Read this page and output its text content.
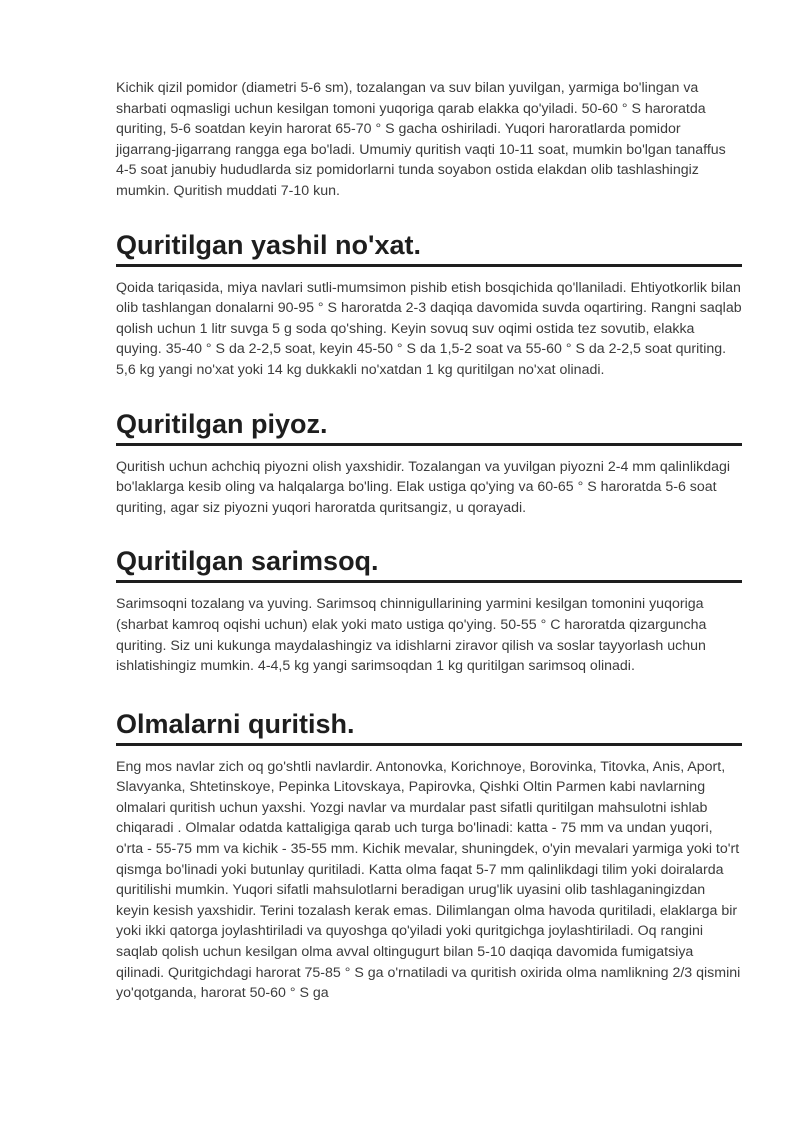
Kichik qizil pomidor (diametri 5-6 sm), tozalangan va suv bilan yuvilgan, yarmiga bo'lingan va sharbati oqmasligi uchun kesilgan tomoni yuqoriga qarab elakka qo'yiladi. 50-60 ° S haroratda quriting, 5-6 soatdan keyin harorat 65-70 ° S gacha oshiriladi. Yuqori haroratlarda pomidor jigarrang-jigarrang rangga ega bo'ladi. Umumiy quritish vaqti 10-11 soat, mumkin bo'lgan tanaffus 4-5 soat janubiy hududlarda siz pomidorlarni tunda soyabon ostida elakdan olib tashlashingiz mumkin. Quritish muddati 7-10 kun.

Quritilgan yashil no'xat.

Qoida tariqasida, miya navlari sutli-mumsimon pishib etish bosqichida qo'llaniladi. Ehtiyotkorlik bilan olib tashlangan donalarni 90-95 ° S haroratda 2-3 daqiqa davomida suvda oqartiring. Rangni saqlab qolish uchun 1 litr suvga 5 g soda qo'shing. Keyin sovuq suv oqimi ostida tez sovutib, elakka quying. 35-40 ° S da 2-2,5 soat, keyin 45-50 ° S da 1,5-2 soat va 55-60 ° S da 2-2,5 soat quriting. 5,6 kg yangi no'xat yoki 14 kg dukkakli no'xatdan 1 kg quritilgan no'xat olinadi.

Quritilgan piyoz.

Quritish uchun achchiq piyozni olish yaxshidir. Tozalangan va yuvilgan piyozni 2-4 mm qalinlikdagi bo'laklarga kesib oling va halqalarga bo'ling. Elak ustiga qo'ying va 60-65 ° S haroratda 5-6 soat quriting, agar siz piyozni yuqori haroratda quritsangiz, u qorayadi.

Quritilgan sarimsoq.

Sarimsoqni tozalang va yuving. Sarimsoq chinnigullarining yarmini kesilgan tomonini yuqoriga (sharbat kamroq oqishi uchun) elak yoki mato ustiga qo'ying. 50-55 ° C haroratda qizarguncha quriting. Siz uni kukunga maydalashingiz va idishlarni ziravor qilish va soslar tayyorlash uchun ishlatishingiz mumkin. 4-4,5 kg yangi sarimsoqdan 1 kg quritilgan sarimsoq olinadi.

Olmalarni quritish.

Eng mos navlar zich oq go'shtli navlardir. Antonovka, Korichnoye, Borovinka, Titovka, Anis, Aport, Slavyanka, Shtetinskoye, Pepinka Litovskaya, Papirovka, Qishki Oltin Parmen kabi navlarning olmalari quritish uchun yaxshi. Yozgi navlar va murdalar past sifatli quritilgan mahsulotni ishlab chiqaradi . Olmalar odatda kattaligiga qarab uch turga bo'linadi: katta - 75 mm va undan yuqori, o'rta - 55-75 mm va kichik - 35-55 mm. Kichik mevalar, shuningdek, o'yin mevalari yarmiga yoki to'rt qismga bo'linadi yoki butunlay quritiladi. Katta olma faqat 5-7 mm qalinlikdagi tilim yoki doiralarda quritilishi mumkin. Yuqori sifatli mahsulotlarni beradigan urug'lik uyasini olib tashlaganingizdan keyin kesish yaxshidir. Terini tozalash kerak emas. Dilimlangan olma havoda quritiladi, elaklarga bir yoki ikki qatorga joylashtiriladi va quyoshga qo'yiladi yoki quritgichga joylashtiriladi. Oq rangini saqlab qolish uchun kesilgan olma avval oltingugurt bilan 5-10 daqiqa davomida fumigatsiya qilinadi. Quritgichdagi harorat 75-85 ° S ga o'rnatiladi va quritish oxirida olma namlikning 2/3 qismini yo'qotganda, harorat 50-60 ° S ga
